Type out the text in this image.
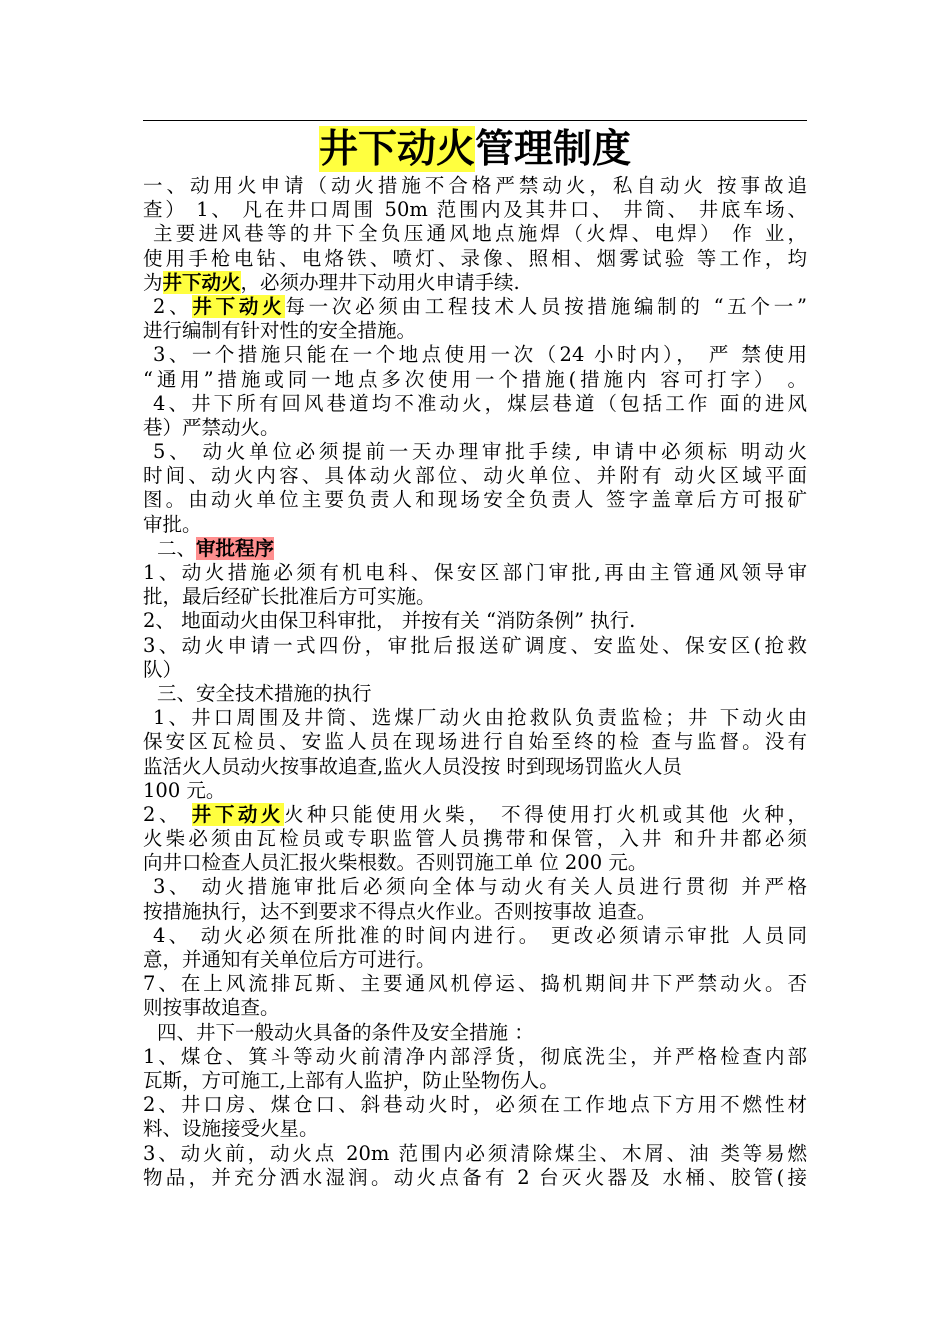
井下动火管理制度
一、动用火申请（动火措施不合格严禁动火，私自动火 按事故追
查） 1、 凡在井口周围 50m 范围内及其井口、 井筒、 井底车场、
主要进风巷等的井下全负压通风地点施焊（火焊、电焊） 作 业，
使用手枪电钻、电烙铁、喷灯、录像、照相、烟雾试验 等工作，均
为井下动火，必须办理井下动用火申请手续.
2、井下动火每一次必须由工程技术人员按措施编制的 “五个一”
进行编制有针对性的安全措施。
3、一个措施只能在一个地点使用一次（24 小时内）， 严 禁使用
“通用”措施或同一地点多次使用一个措施(措施内 容可打字） 。
4、井下所有回风巷道均不准动火，煤层巷道（包括工作 面的进风
巷）严禁动火。
5、 动火单位必须提前一天办理审批手续, 申请中必须标 明动火
时间、动火内容、具体动火部位、动火单位、并附有 动火区域平面
图。由动火单位主要负责人和现场安全负责人 签字盖章后方可报矿
审批。
二、审批程序
1、动火措施必须有机电科、保安区部门审批,再由主管通风领导审
批，最后经矿长批准后方可实施。
2、 地面动火由保卫科审批， 并按有关 “消防条例” 执行.
3、动火申请一式四份，审批后报送矿调度、安监处、保安区(抢救
队）
三、安全技术措施的执行
1、井口周围及井筒、选煤厂动火由抢救队负责监检；井 下动火由
保安区瓦检员、安监人员在现场进行自始至终的检 查与监督。没有
监活火人员动火按事故追查,监火人员没按 时到现场罚监火人员
100 元。
2、 井下动火火种只能使用火柴， 不得使用打火机或其他 火种，
火柴必须由瓦检员或专职监管人员携带和保管，入井 和升井都必须
向井口检查人员汇报火柴根数。否则罚施工单 位 200 元。
3、 动火措施审批后必须向全体与动火有关人员进行贯彻 并严格
按措施执行，达不到要求不得点火作业。否则按事故 追查。
4、 动火必须在所批准的时间内进行。 更改必须请示审批 人员同
意，并通知有关单位后方可进行。
7、在上风流排瓦斯、主要通风机停运、捣机期间井下严禁动火。否
则按事故追查。
四、井下一般动火具备的条件及安全措施 ：
1、煤仓、箕斗等动火前清净内部浮货，彻底洗尘，并严格检查内部
瓦斯，方可施工,上部有人监护，防止坠物伤人。
2、井口房、煤仓口、斜巷动火时，必须在工作地点下方用不燃性材
料、设施接受火星。
3、动火前，动火点 20m 范围内必须清除煤尘、木屑、油 类等易燃
物品，并充分洒水湿润。动火点备有 2 台灭火器及 水桶、胶管(接
